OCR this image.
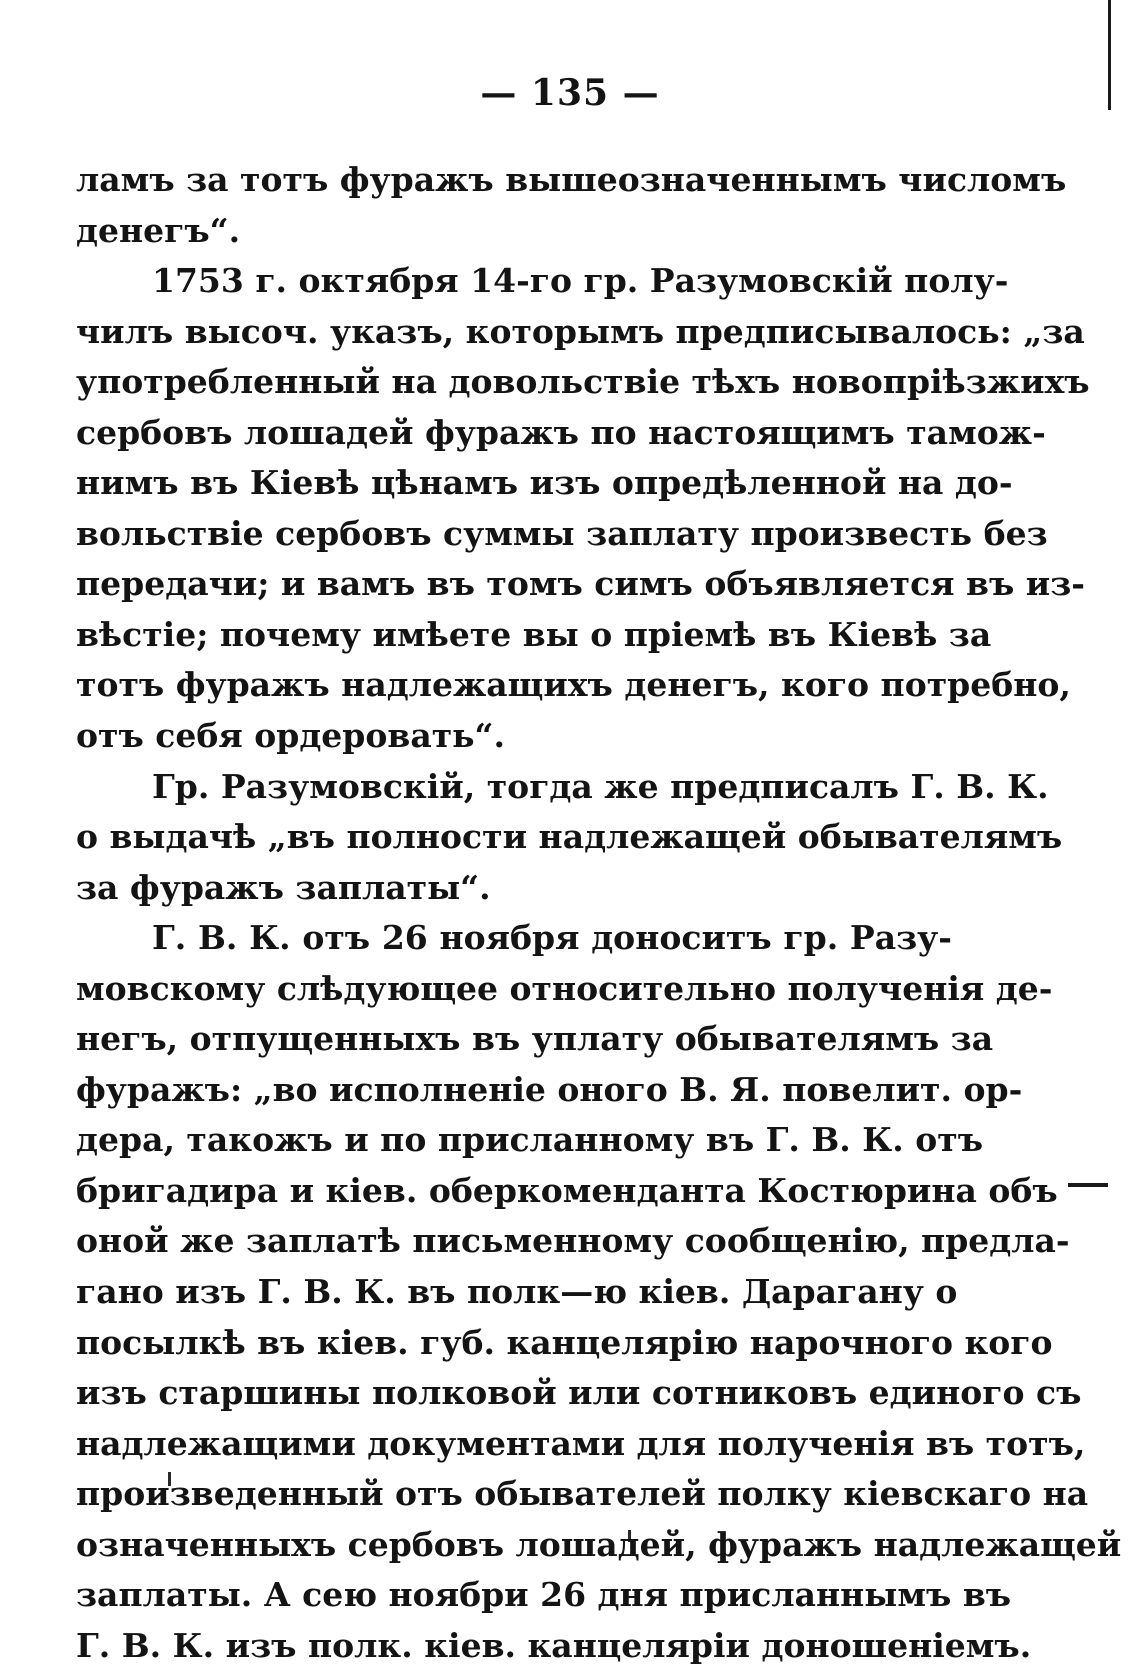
— 135 —
ламъ за тотъ фуражъ вышеозначеннымъ числомъ
денегъ“.
1753 г. октября 14-го гр. Разумовскій полу-
чилъ высоч. указъ, которымъ предписывалось: „за
употребленный на довольствіе тѣхъ новопріѣзжихъ
сербовъ лошадей фуражъ по настоящимъ тамож-
нимъ въ Кіевѣ цѣнамъ изъ опредѣленной на до-
вольствіе сербовъ суммы заплату произвесть без
передачи; и вамъ въ томъ симъ объявляется въ из-
вѣстіе; почему имѣете вы о пріемѣ въ Кіевѣ за
тотъ фуражъ надлежащихъ денегъ, кого потребно,
отъ себя ордеровать“.
Гр. Разумовскій, тогда же предписалъ Г. В. К.
о выдачѣ „въ полности надлежащей обывателямъ
за фуражъ заплаты“.
Г. В. К. отъ 26 ноября доноситъ гр. Разу-
мовскому слѣдующее относительно полученія де-
негъ, отпущенныхъ въ уплату обывателямъ за
фуражъ: „во исполненіе оного В. Я. повелит. ор-
дера, такожъ и по присланному въ Г. В. К. отъ
бригадира и кіев. оберкоменданта Костюрина объ
оной же заплатѣ письменному сообщенію, предла-
гано изъ Г. В. К. въ полк—ю кіев. Дарагану о
посылкѣ въ кіев. губ. канцелярію нарочного кого
изъ старшины полковой или сотниковъ единого съ
надлежащими документами для полученія въ тотъ,
произведенный отъ обывателей полку кіевскаго на
означенныхъ сербовъ лошадей, фуражъ надлежащей
заплаты. А сею ноябри 26 дня присланнымъ въ
Г. В. К. изъ полк. кіев. канцеляріи доношеніемъ.
